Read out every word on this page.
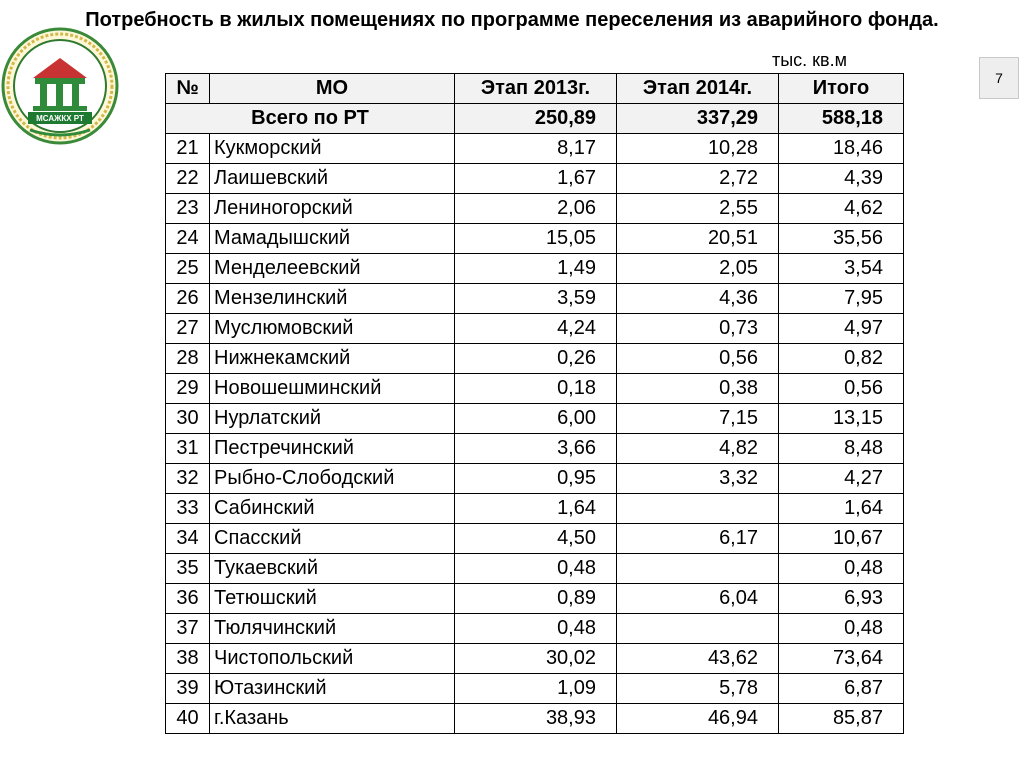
Потребность в жилых помещениях по программе переселения из аварийного фонда.
тыс. кв.м
7
МСАЖКХ РТ
№	МО	Этап 2013г.	Этап 2014г.	Итого
Всего по РТ		250,89	337,29	588,18
21	Кукморский	8,17	10,28	18,46
22	Лаишевский	1,67	2,72	4,39
23	Лениногорский	2,06	2,55	4,62
24	Мамадышский	15,05	20,51	35,56
25	Менделеевский	1,49	2,05	3,54
26	Мензелинский	3,59	4,36	7,95
27	Муслюмовский	4,24	0,73	4,97
28	Нижнекамский	0,26	0,56	0,82
29	Новошешминский	0,18	0,38	0,56
30	Нурлатский	6,00	7,15	13,15
31	Пестречинский	3,66	4,82	8,48
32	Рыбно-Слободский	0,95	3,32	4,27
33	Сабинский	1,64		1,64
34	Спасский	4,50	6,17	10,67
35	Тукаевский	0,48		0,48
36	Тетюшский	0,89	6,04	6,93
37	Тюлячинский	0,48		0,48
38	Чистопольский	30,02	43,62	73,64
39	Ютазинский	1,09	5,78	6,87
40	г.Казань	38,93	46,94	85,87
